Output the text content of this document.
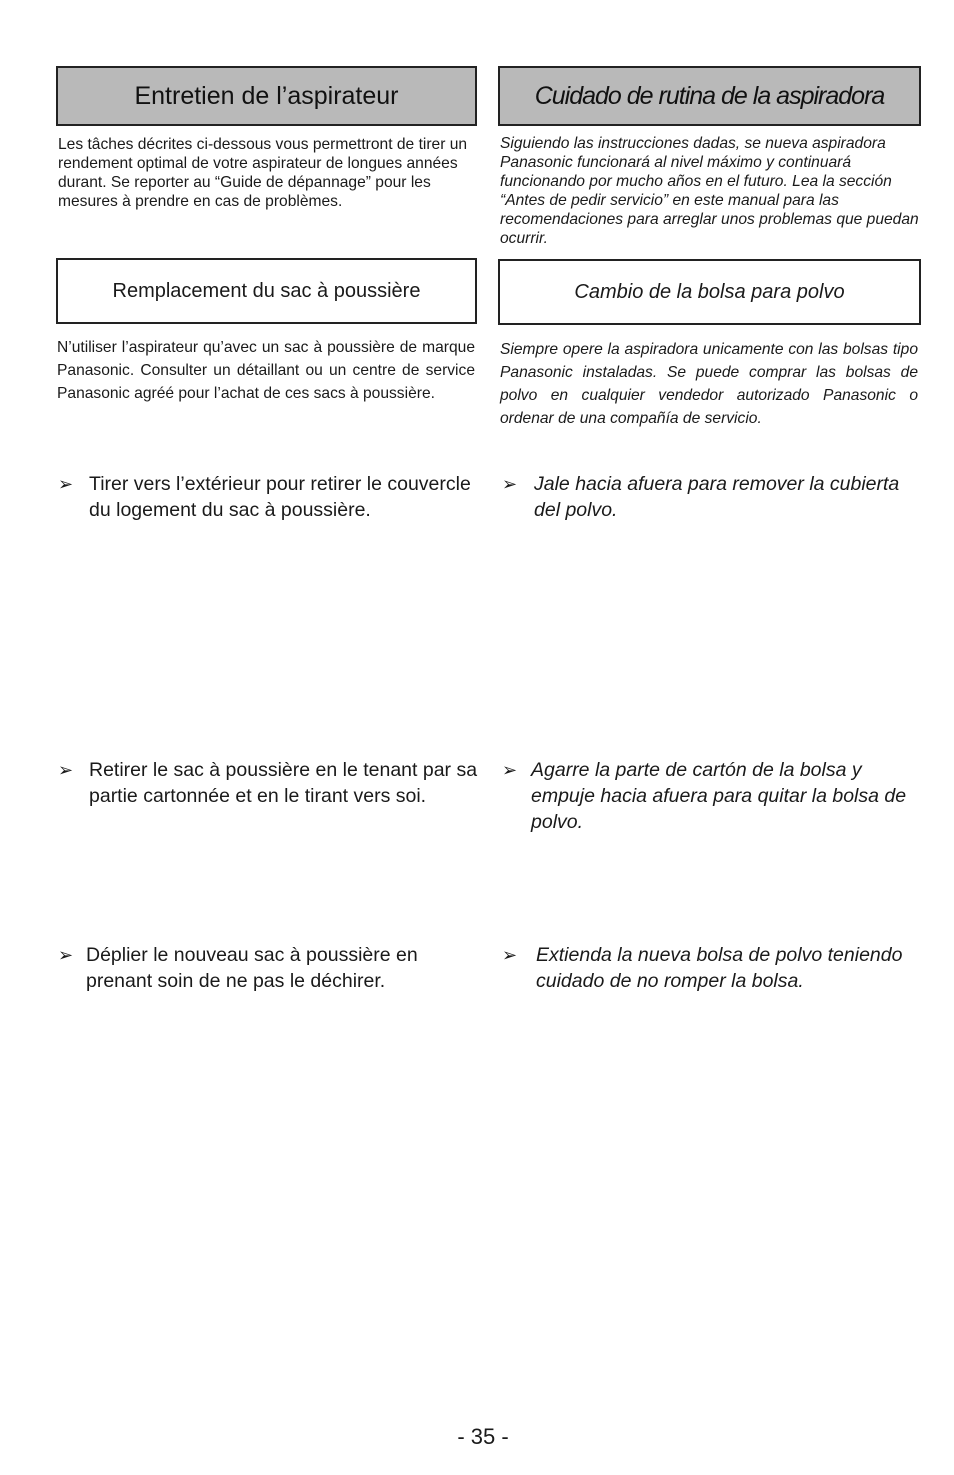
Entretien de l’aspirateur	Cuidado de rutina de la aspiradora
Les tâches décrites ci-dessous vous permettront de tirer un rendement optimal de votre aspirateur de longues années durant. Se reporter au “Guide de dépannage” pour les mesures à prendre en cas de problèmes.
Siguiendo las instrucciones dadas, se nueva aspiradora Panasonic funcionará al nivel máximo y continuará funcionando por mucho años en el futuro. Lea la sección “Antes de pedir servicio” en este manual para las recomendaciones para arreglar unos problemas que puedan ocurrir.
Remplacement du sac à poussière	Cambio de la bolsa para polvo
N’utiliser l’aspirateur qu’avec un sac à poussière de marque Panasonic. Consulter un détaillant ou un centre de service Panasonic agréé pour l’achat de ces sacs à poussière.
Siempre opere la aspiradora unicamente con las bolsas tipo Panasonic instaladas. Se puede comprar las bolsas de polvo en cualquier vendedor autorizado Panasonic o ordenar de una compañía de servicio.
➢ Tirer vers l’extérieur pour retirer le couvercle du logement du sac à poussière.
➢ Jale hacia afuera para remover la cubierta del polvo.
➢ Retirer le sac à poussière en le tenant par sa partie cartonnée et en le tirant vers soi.
➢ Agarre la parte de cartón de la bolsa y empuje hacia afuera para quitar la bolsa de polvo.
➢ Déplier le nouveau sac à poussière en prenant soin de ne pas le déchirer.
➢ Extienda la nueva bolsa de polvo teniendo cuidado de no romper la bolsa.
- 35 -
